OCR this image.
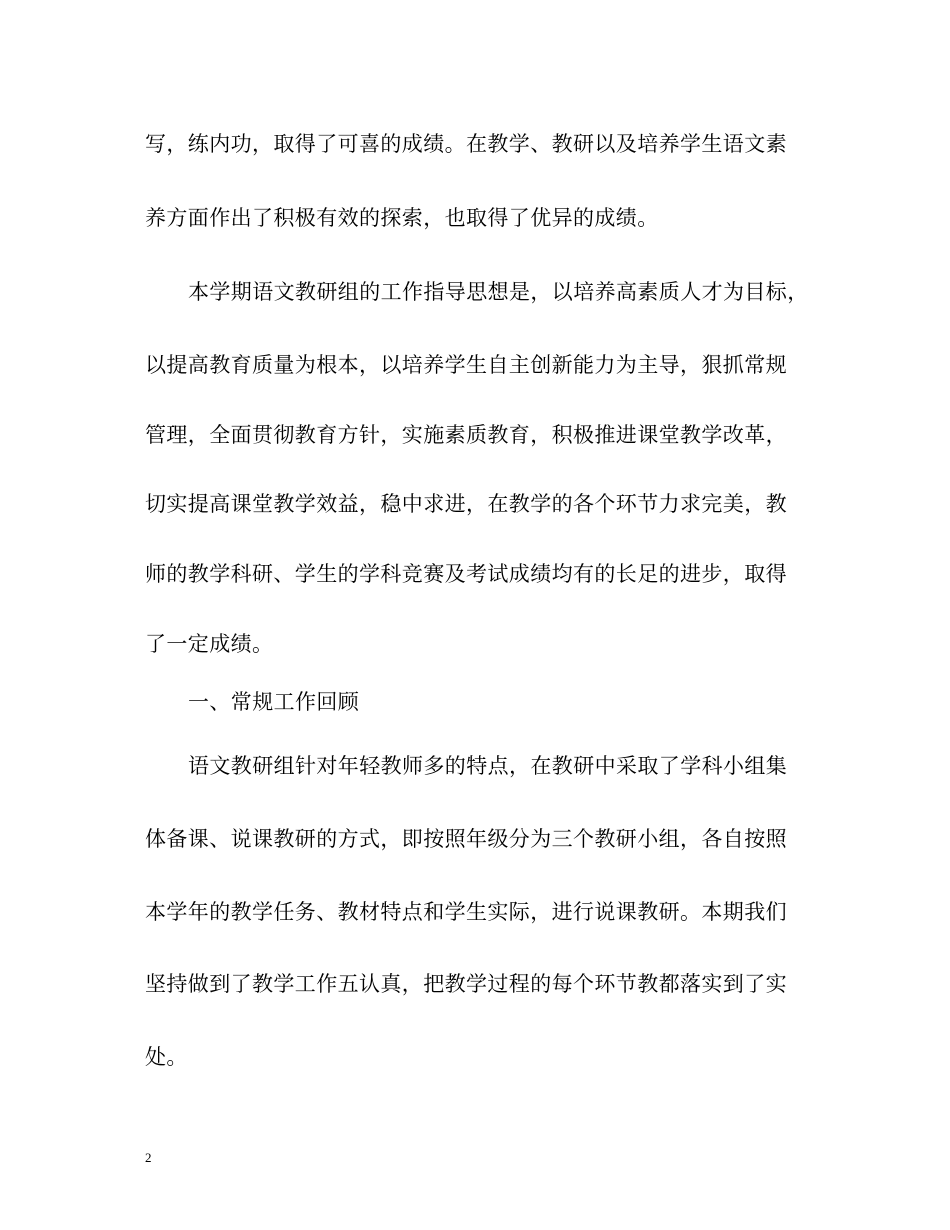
写，练内功，取得了可喜的成绩。在教学、教研以及培养学生语文素
养方面作出了积极有效的探索，也取得了优异的成绩。
本学期语文教研组的工作指导思想是，以培养高素质人才为目标，
以提高教育质量为根本，以培养学生自主创新能力为主导，狠抓常规
管理，全面贯彻教育方针，实施素质教育，积极推进课堂教学改革，
切实提高课堂教学效益，稳中求进，在教学的各个环节力求完美，教
师的教学科研、学生的学科竞赛及考试成绩均有的长足的进步，取得
了一定成绩。
一、常规工作回顾
语文教研组针对年轻教师多的特点，在教研中采取了学科小组集
体备课、说课教研的方式，即按照年级分为三个教研小组，各自按照
本学年的教学任务、教材特点和学生实际，进行说课教研。本期我们
坚持做到了教学工作五认真，把教学过程的每个环节教都落实到了实
处。
2
